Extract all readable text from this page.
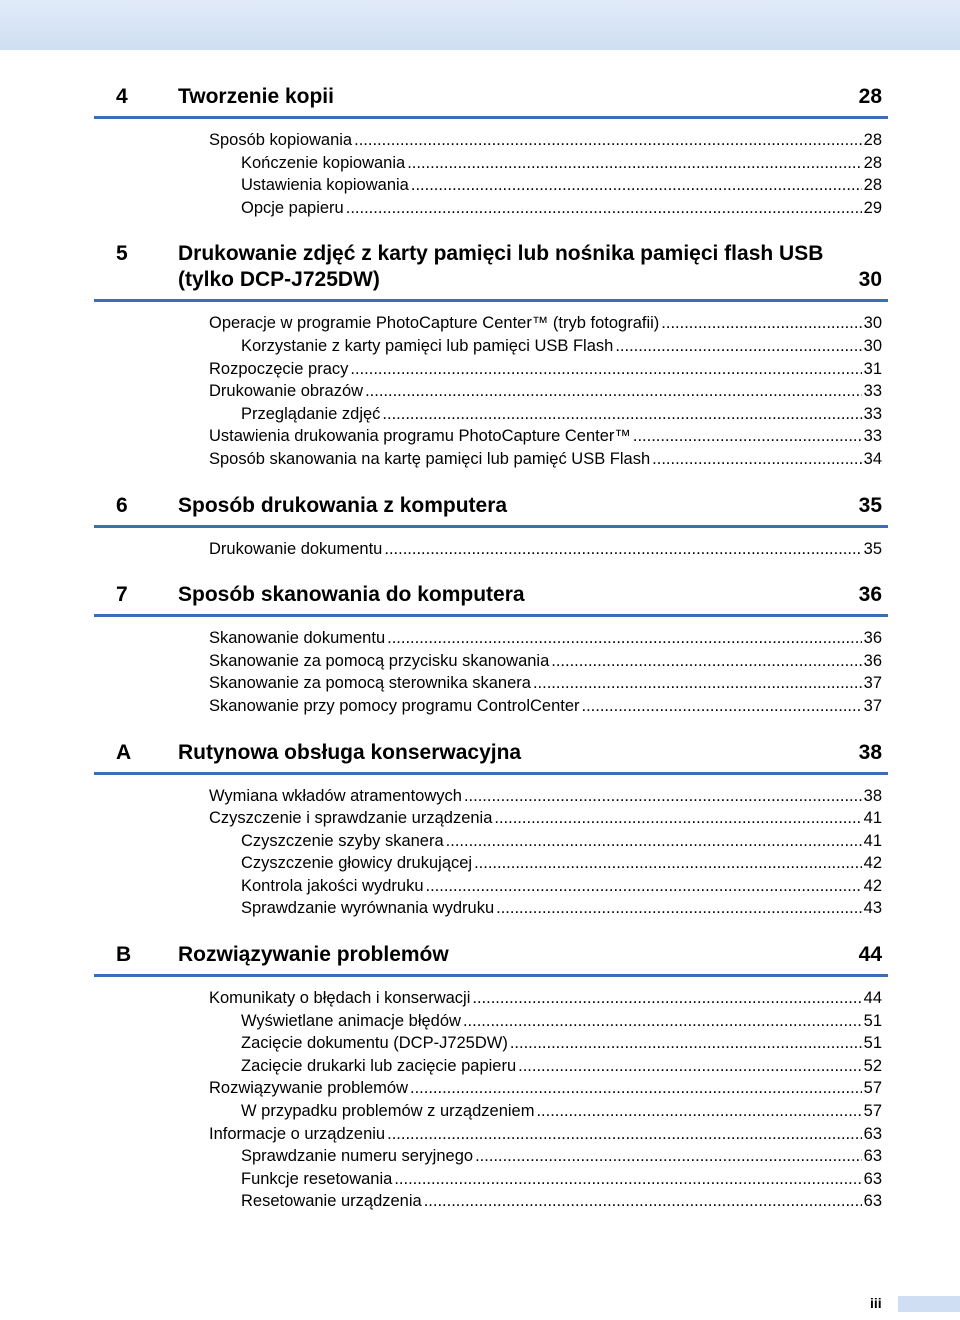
4	Tworzenie kopii	28
Sposób kopiowania .....	28
Kończenie kopiowania .....	28
Ustawienia kopiowania .....	28
Opcje papieru .....	29
5	Drukowanie zdjęć z karty pamięci lub nośnika pamięci flash USB (tylko DCP-J725DW)	30
Operacje w programie PhotoCapture Center™ (tryb fotografii) .....	30
Korzystanie z karty pamięci lub pamięci USB Flash .....	30
Rozpoczęcie pracy .....	31
Drukowanie obrazów .....	33
Przeglądanie zdjęć .....	33
Ustawienia drukowania programu PhotoCapture Center™ .....	33
Sposób skanowania na kartę pamięci lub pamięć USB Flash .....	34
6	Sposób drukowania z komputera	35
Drukowanie dokumentu .....	35
7	Sposób skanowania do komputera	36
Skanowanie dokumentu .....	36
Skanowanie za pomocą przycisku skanowania .....	36
Skanowanie za pomocą sterownika skanera .....	37
Skanowanie przy pomocy programu ControlCenter .....	37
A	Rutynowa obsługa konserwacyjna	38
Wymiana wkładów atramentowych .....	38
Czyszczenie i sprawdzanie urządzenia .....	41
Czyszczenie szyby skanera .....	41
Czyszczenie głowicy drukującej .....	42
Kontrola jakości wydruku .....	42
Sprawdzanie wyrównania wydruku .....	43
B	Rozwiązywanie problemów	44
Komunikaty o błędach i konserwacji .....	44
Wyświetlane animacje błędów .....	51
Zacięcie dokumentu (DCP-J725DW) .....	51
Zacięcie drukarki lub zacięcie papieru .....	52
Rozwiązywanie problemów .....	57
W przypadku problemów z urządzeniem .....	57
Informacje o urządzeniu .....	63
Sprawdzanie numeru seryjnego .....	63
Funkcje resetowania .....	63
Resetowanie urządzenia .....	63
iii
